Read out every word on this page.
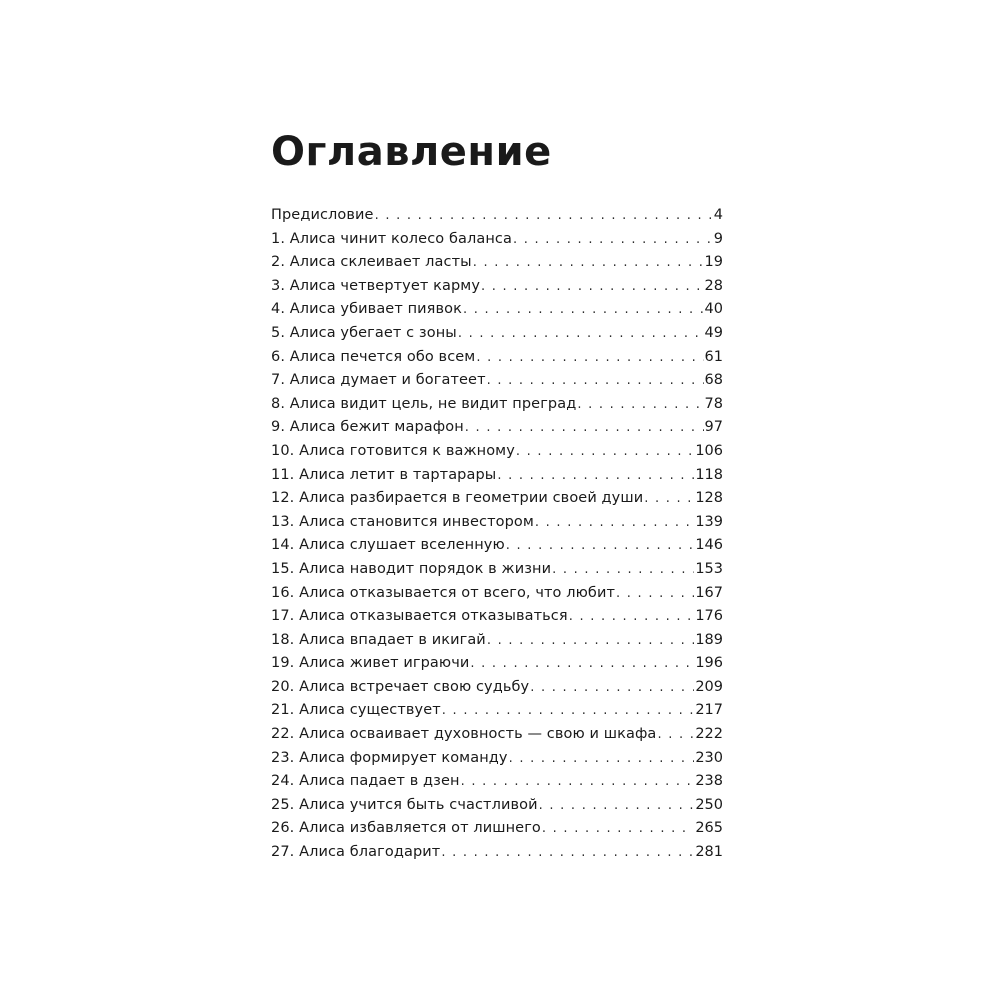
Оглавление
Предисловие . . .	4
1. Алиса чинит колесо баланса . . .	9
2. Алиса склеивает ласты . . .	19
3. Алиса четвертует карму . . .	28
4. Алиса убивает пиявок . . .	40
5. Алиса убегает с зоны . . .	49
6. Алиса печется обо всем . . .	61
7. Алиса думает и богатеет . . .	68
8. Алиса видит цель, не видит преград . . .	78
9. Алиса бежит марафон . . .	97
10. Алиса готовится к важному . . .	106
11. Алиса летит в тартарары . . .	118
12. Алиса разбирается в геометрии своей души . . .	128
13. Алиса становится инвестором . . .	139
14. Алиса слушает вселенную . . .	146
15. Алиса наводит порядок в жизни . . .	153
16. Алиса отказывается от всего, что любит . . .	167
17. Алиса отказывается отказываться . . .	176
18. Алиса впадает в икигай . . .	189
19. Алиса живет играючи . . .	196
20. Алиса встречает свою судьбу . . .	209
21. Алиса существует . . .	217
22. Алиса осваивает духовность — свою и шкафа . . .	222
23. Алиса формирует команду . . .	230
24. Алиса падает в дзен . . .	238
25. Алиса учится быть счастливой . . .	250
26. Алиса избавляется от лишнего . . .	265
27. Алиса благодарит . . .	281
